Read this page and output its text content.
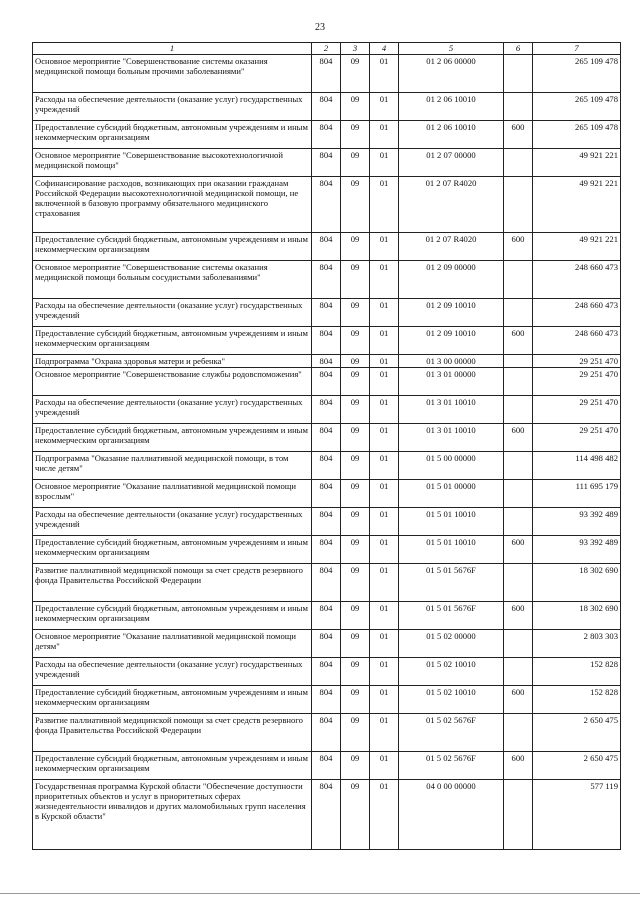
23
1	2	3	4	5	6	7
Основное мероприятие "Совершенствование системы оказания медицинской помощи больным прочими заболеваниями"	804	09	01	01 2 06 00000		265 109 478
Расходы на обеспечение деятельности (оказание услуг) государственных учреждений	804	09	01	01 2 06 10010		265 109 478
Предоставление субсидий бюджетным, автономным учреждениям и иным некоммерческим организациям	804	09	01	01 2 06 10010	600	265 109 478
Основное мероприятие "Совершенствование высокотехнологичной медицинской помощи"	804	09	01	01 2 07 00000		49 921 221
Софинансирование расходов, возникающих при оказании гражданам Российской Федерации высокотехнологичной медицинской помощи, не включенной в базовую программу обязательного медицинского страхования	804	09	01	01 2 07 R4020		49 921 221
Предоставление субсидий бюджетным, автономным учреждениям и иным некоммерческим организациям	804	09	01	01 2 07 R4020	600	49 921 221
Основное мероприятие "Совершенствование системы оказания медицинской помощи больным сосудистыми заболеваниями"	804	09	01	01 2 09 00000		248 660 473
Расходы на обеспечение деятельности (оказание услуг) государственных учреждений	804	09	01	01 2 09 10010		248 660 473
Предоставление субсидий бюджетным, автономным учреждениям и иным некоммерческим организациям	804	09	01	01 2 09 10010	600	248 660 473
Подпрограмма "Охрана здоровья матери и ребенка"	804	09	01	01 3 00 00000		29 251 470
Основное мероприятие "Совершенствование службы родовспоможения"	804	09	01	01 3 01 00000		29 251 470
Расходы на обеспечение деятельности (оказание услуг) государственных учреждений	804	09	01	01 3 01 10010		29 251 470
Предоставление субсидий бюджетным, автономным учреждениям и иным некоммерческим организациям	804	09	01	01 3 01 10010	600	29 251 470
Подпрограмма "Оказание паллиативной медицинской помощи, в том числе детям"	804	09	01	01 5 00 00000		114 498 482
Основное мероприятие "Оказание паллиативной медицинской помощи взрослым"	804	09	01	01 5 01 00000		111 695 179
Расходы на обеспечение деятельности (оказание услуг) государственных учреждений	804	09	01	01 5 01 10010		93 392 489
Предоставление субсидий бюджетным, автономным учреждениям и иным некоммерческим организациям	804	09	01	01 5 01 10010	600	93 392 489
Развитие паллиативной медицинской помощи за счет средств резервного фонда Правительства Российской Федерации	804	09	01	01 5 01 5676F		18 302 690
Предоставление субсидий бюджетным, автономным учреждениям и иным некоммерческим организациям	804	09	01	01 5 01 5676F	600	18 302 690
Основное мероприятие "Оказание паллиативной медицинской помощи детям"	804	09	01	01 5 02 00000		2 803 303
Расходы на обеспечение деятельности (оказание услуг) государственных учреждений	804	09	01	01 5 02 10010		152 828
Предоставление субсидий бюджетным, автономным учреждениям и иным некоммерческим организациям	804	09	01	01 5 02 10010	600	152 828
Развитие паллиативной медицинской помощи за счет средств резервного фонда Правительства Российской Федерации	804	09	01	01 5 02 5676F		2 650 475
Предоставление субсидий бюджетным, автономным учреждениям и иным некоммерческим организациям	804	09	01	01 5 02 5676F	600	2 650 475
Государственная программа Курской области "Обеспечение доступности приоритетных объектов и услуг в приоритетных сферах жизнедеятельности инвалидов и других маломобильных групп населения в Курской области"	804	09	01	04 0 00 00000		577 119
